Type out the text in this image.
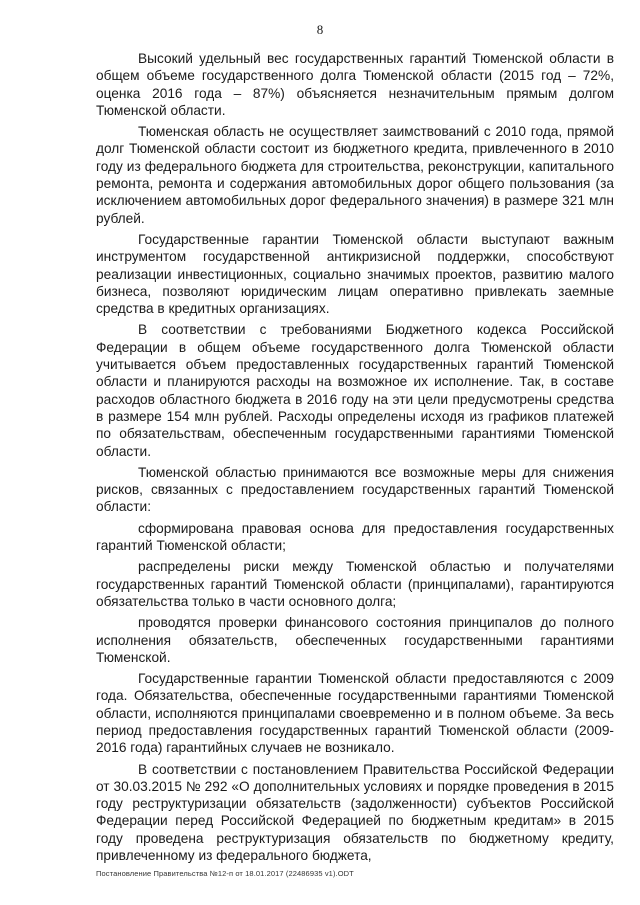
8

Высокий удельный вес государственных гарантий Тюменской области в общем объеме государственного долга Тюменской области (2015 год – 72%, оценка 2016 года – 87%) объясняется незначительным прямым долгом Тюменской области.

Тюменская область не осуществляет заимствований с 2010 года, прямой долг Тюменской области состоит из бюджетного кредита, привлеченного в 2010 году из федерального бюджета для строительства, реконструкции, капитального ремонта, ремонта и содержания автомобильных дорог общего пользования (за исключением автомобильных дорог федерального значения) в размере 321 млн рублей.

Государственные гарантии Тюменской области выступают важным инструментом государственной антикризисной поддержки, способствуют реализации инвестиционных, социально значимых проектов, развитию малого бизнеса, позволяют юридическим лицам оперативно привлекать заемные средства в кредитных организациях.

В соответствии с требованиями Бюджетного кодекса Российской Федерации в общем объеме государственного долга Тюменской области учитывается объем предоставленных государственных гарантий Тюменской области и планируются расходы на возможное их исполнение. Так, в составе расходов областного бюджета в 2016 году на эти цели предусмотрены средства в размере 154 млн рублей. Расходы определены исходя из графиков платежей по обязательствам, обеспеченным государственными гарантиями Тюменской области.

Тюменской областью принимаются все возможные меры для снижения рисков, связанных с предоставлением государственных гарантий Тюменской области:

сформирована правовая основа для предоставления государственных гарантий Тюменской области;

распределены риски между Тюменской областью и получателями государственных гарантий Тюменской области (принципалами), гарантируются обязательства только в части основного долга;

проводятся проверки финансового состояния принципалов до полного исполнения обязательств, обеспеченных государственными гарантиями Тюменской.

Государственные гарантии Тюменской области предоставляются с 2009 года. Обязательства, обеспеченные государственными гарантиями Тюменской области, исполняются принципалами своевременно и в полном объеме. За весь период предоставления государственных гарантий Тюменской области (2009-2016 года) гарантийных случаев не возникало.

В соответствии с постановлением Правительства Российской Федерации от 30.03.2015 № 292 «О дополнительных условиях и порядке проведения в 2015 году реструктуризации обязательств (задолженности) субъектов Российской Федерации перед Российской Федерацией по бюджетным кредитам» в 2015 году проведена реструктуризация обязательств по бюджетному кредиту, привлеченному из федерального бюджета,

Постановление Правительства №12-п от 18.01.2017 (22486935 v1).ODT
